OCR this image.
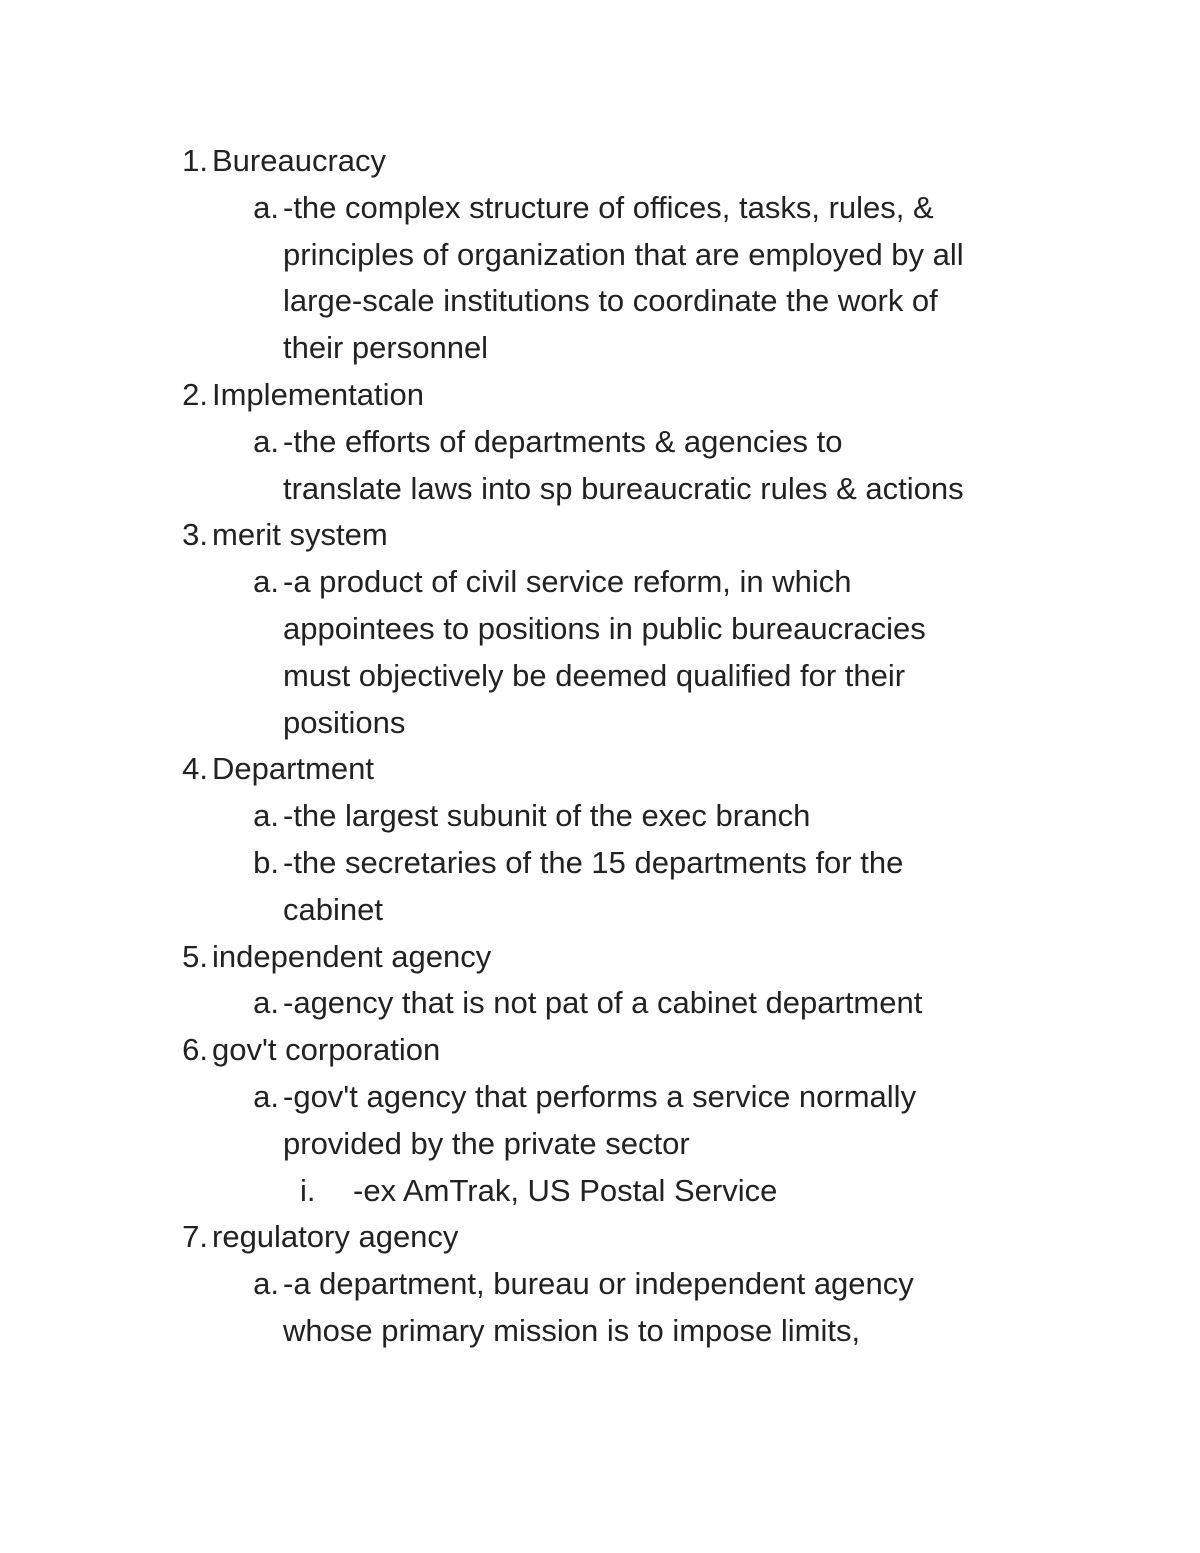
1. Bureaucracy
a. -the complex structure of offices, tasks, rules, &
principles of organization that are employed by all
large-scale institutions to coordinate the work of
their personnel
2. Implementation
a. -the efforts of departments & agencies to
translate laws into sp bureaucratic rules & actions
3. merit system
a. -a product of civil service reform, in which
appointees to positions in public bureaucracies
must objectively be deemed qualified for their
positions
4. Department
a. -the largest subunit of the exec branch
b. -the secretaries of the 15 departments for the
cabinet
5. independent agency
a. -agency that is not pat of a cabinet department
6. gov't corporation
a. -gov't agency that performs a service normally
provided by the private sector
i. -ex AmTrak, US Postal Service
7. regulatory agency
a. -a department, bureau or independent agency
whose primary mission is to impose limits,
